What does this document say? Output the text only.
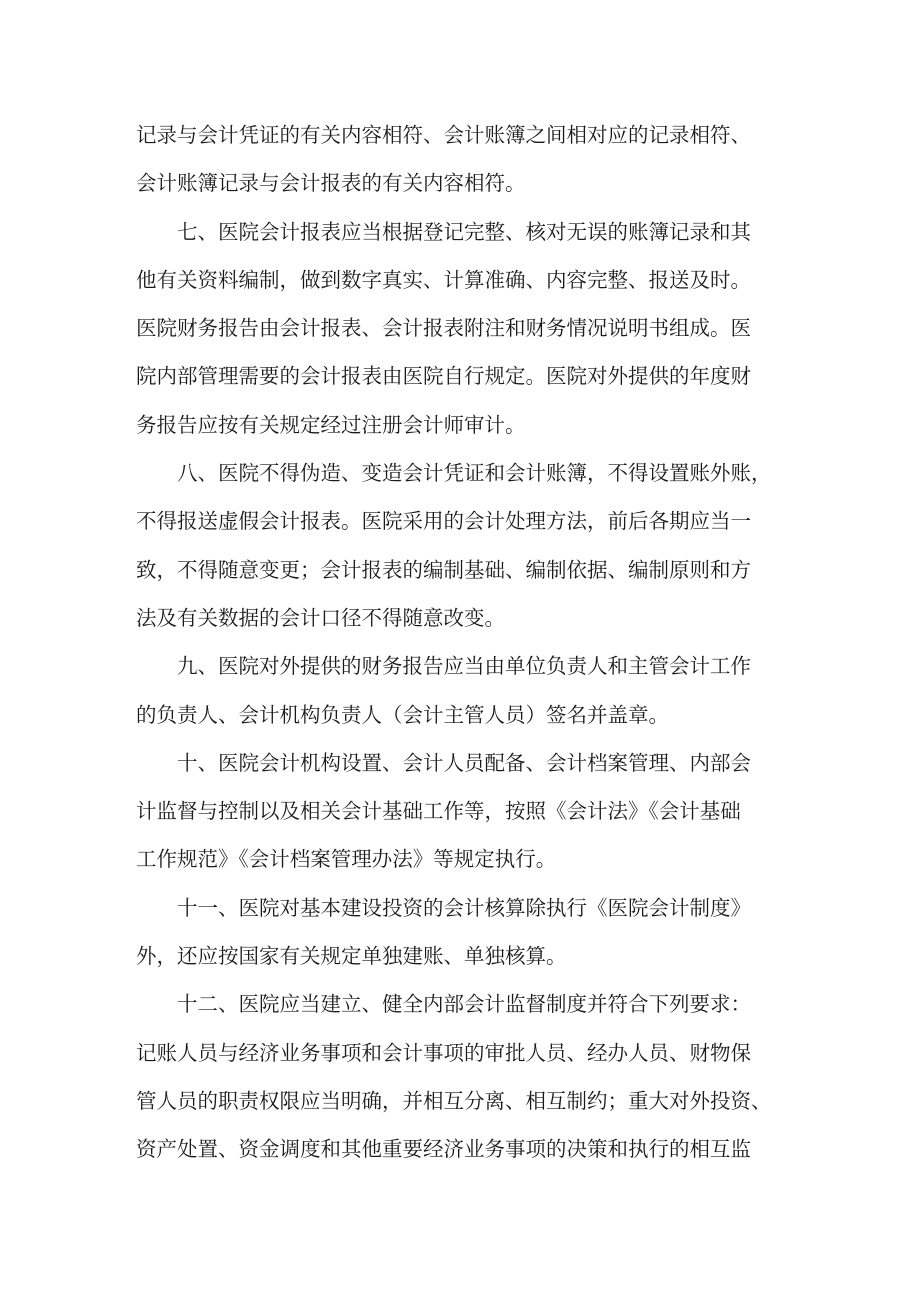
记录与会计凭证的有关内容相符、会计账簿之间相对应的记录相符、
会计账簿记录与会计报表的有关内容相符。
七、医院会计报表应当根据登记完整、核对无误的账簿记录和其
他有关资料编制，做到数字真实、计算准确、内容完整、报送及时。
医院财务报告由会计报表、会计报表附注和财务情况说明书组成。医
院内部管理需要的会计报表由医院自行规定。医院对外提供的年度财
务报告应按有关规定经过注册会计师审计。
八、医院不得伪造、变造会计凭证和会计账簿，不得设置账外账，
不得报送虚假会计报表。医院采用的会计处理方法，前后各期应当一
致，不得随意变更；会计报表的编制基础、编制依据、编制原则和方
法及有关数据的会计口径不得随意改变。
九、医院对外提供的财务报告应当由单位负责人和主管会计工作
的负责人、会计机构负责人（会计主管人员）签名并盖章。
十、医院会计机构设置、会计人员配备、会计档案管理、内部会
计监督与控制以及相关会计基础工作等，按照《会计法》《会计基础
工作规范》《会计档案管理办法》等规定执行。
十一、医院对基本建设投资的会计核算除执行《医院会计制度》
外，还应按国家有关规定单独建账、单独核算。
十二、医院应当建立、健全内部会计监督制度并符合下列要求：
记账人员与经济业务事项和会计事项的审批人员、经办人员、财物保
管人员的职责权限应当明确，并相互分离、相互制约；重大对外投资、
资产处置、资金调度和其他重要经济业务事项的决策和执行的相互监
